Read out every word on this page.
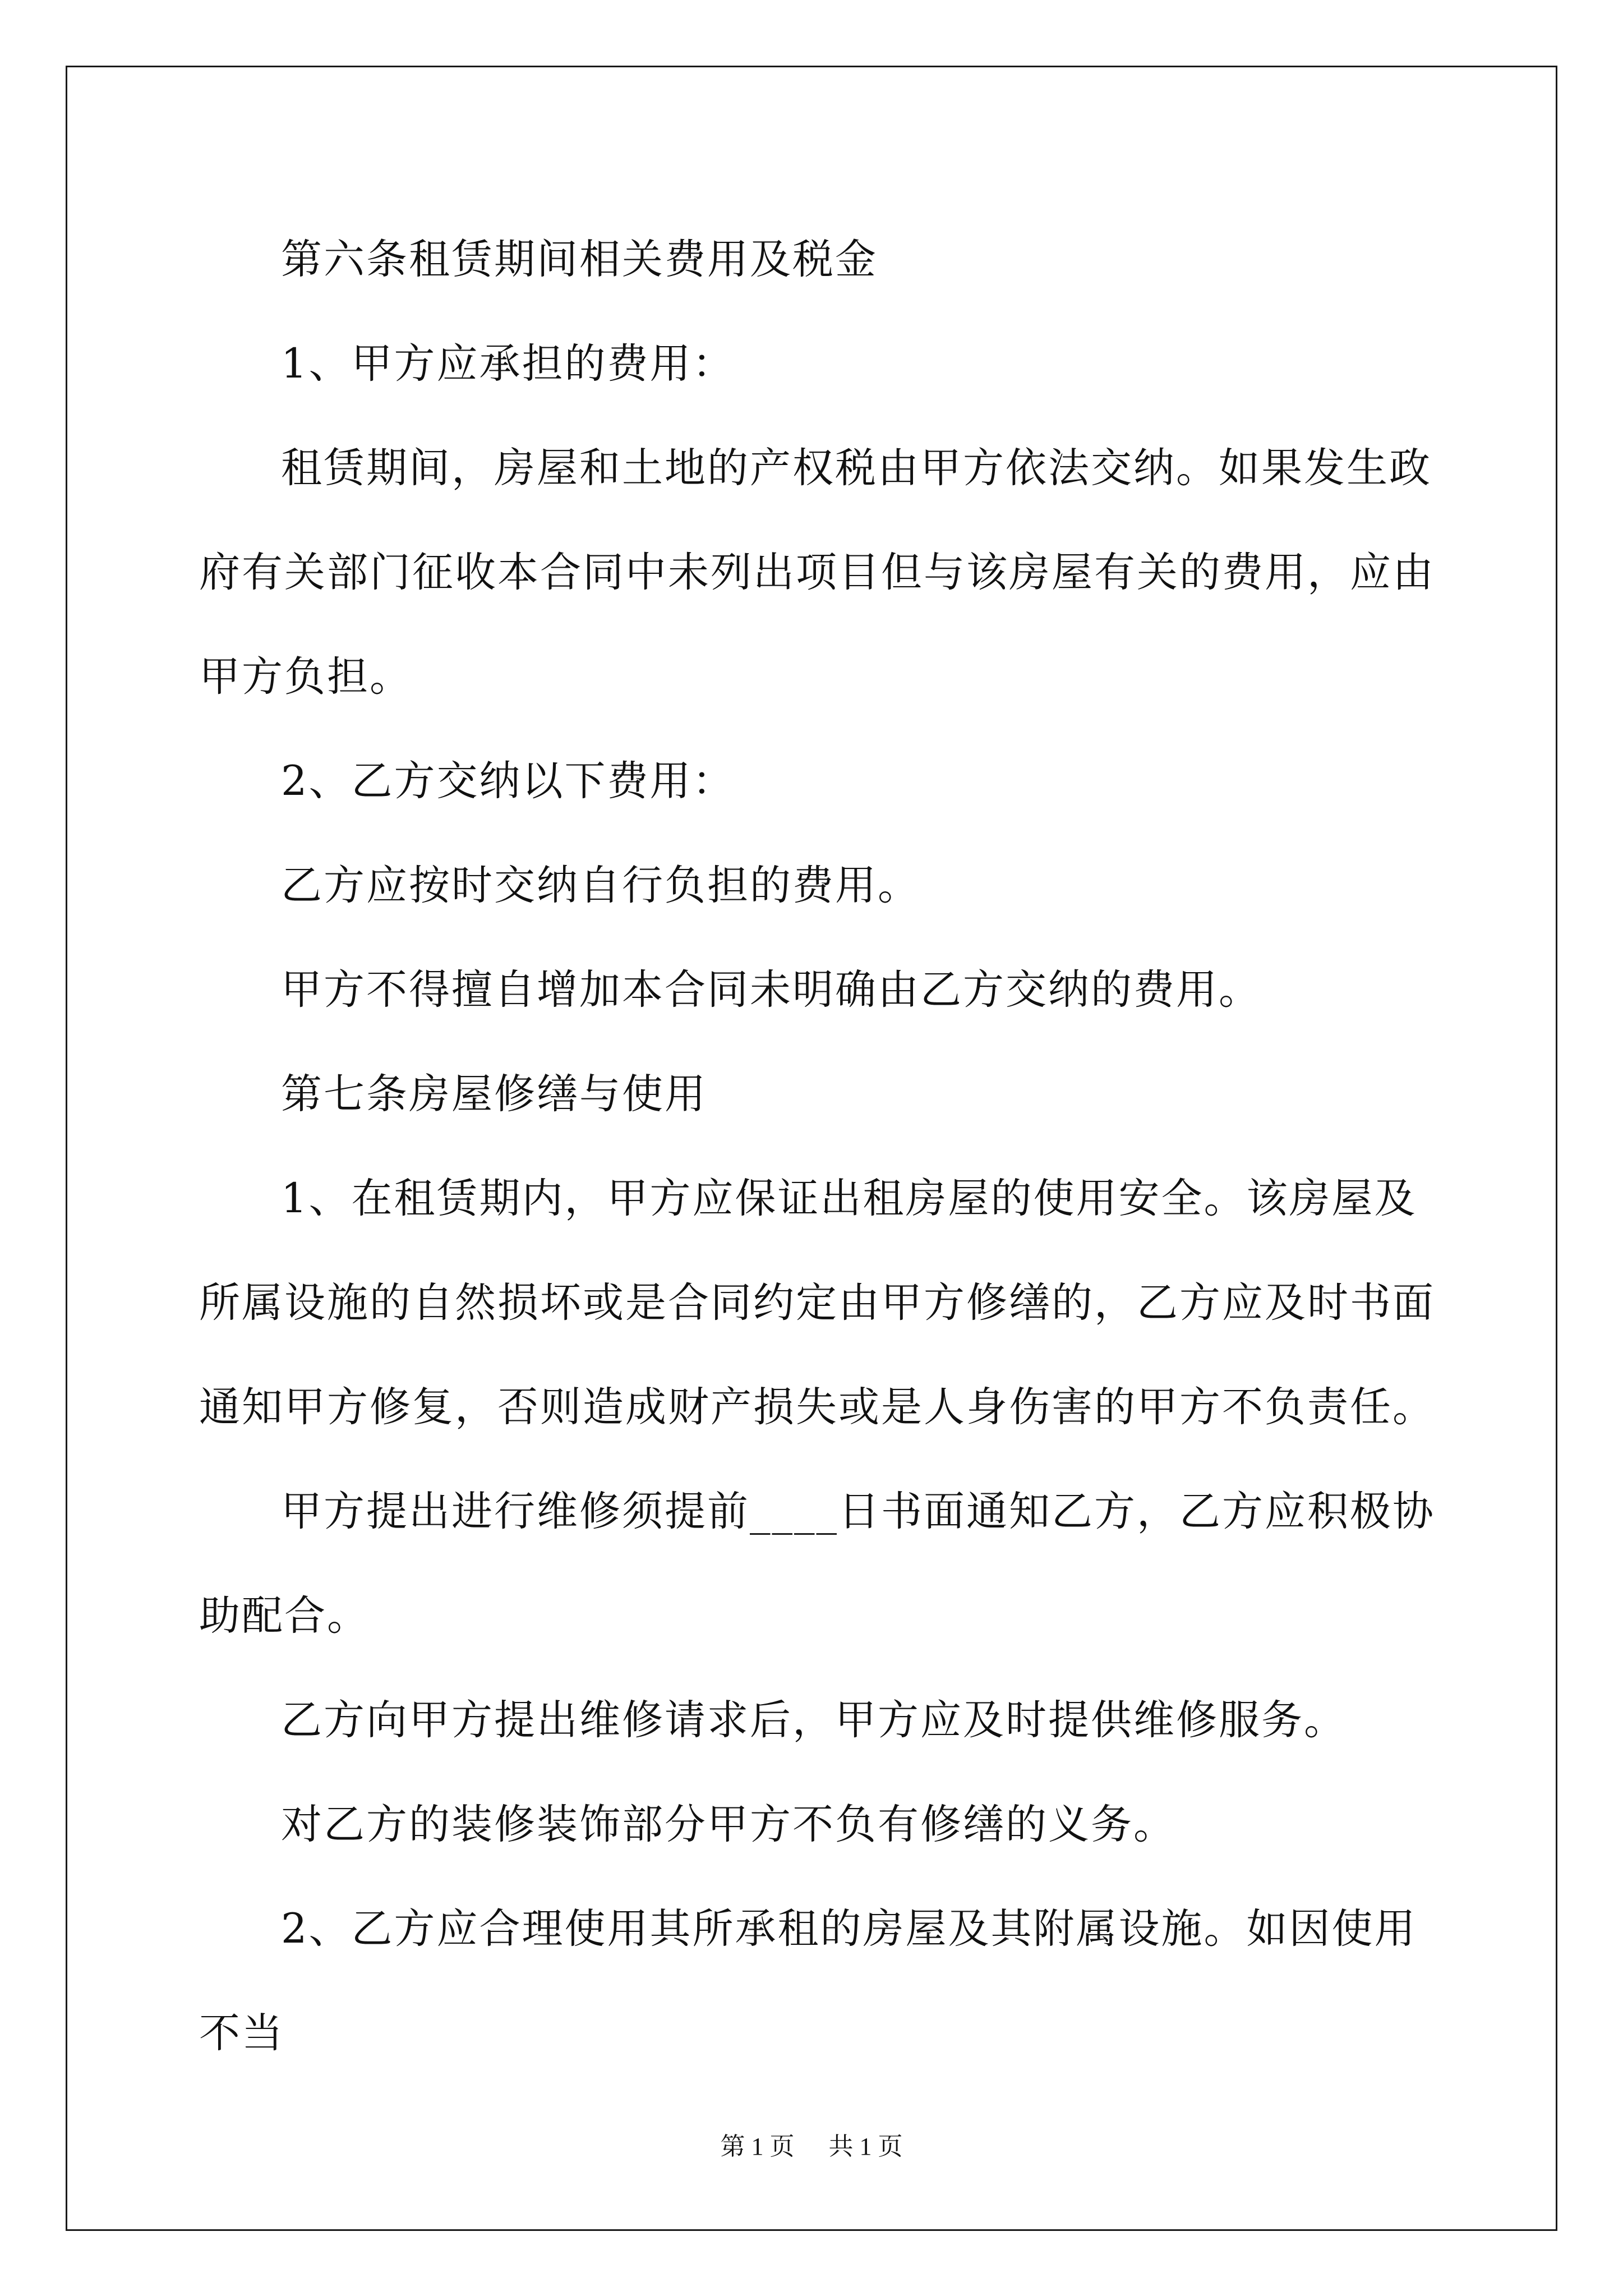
第六条租赁期间相关费用及税金

1、甲方应承担的费用：

租赁期间，房屋和土地的产权税由甲方依法交纳。如果发生政府有关部门征收本合同中未列出项目但与该房屋有关的费用，应由甲方负担。

2、乙方交纳以下费用：

乙方应按时交纳自行负担的费用。

甲方不得擅自增加本合同未明确由乙方交纳的费用。

第七条房屋修缮与使用

1、在租赁期内，甲方应保证出租房屋的使用安全。该房屋及所属设施的自然损坏或是合同约定由甲方修缮的，乙方应及时书面通知甲方修复，否则造成财产损失或是人身伤害的甲方不负责任。

甲方提出进行维修须提前____日书面通知乙方，乙方应积极协助配合。

乙方向甲方提出维修请求后，甲方应及时提供维修服务。

对乙方的装修装饰部分甲方不负有修缮的义务。

2、乙方应合理使用其所承租的房屋及其附属设施。如因使用不当

第 1 页 共 1 页
